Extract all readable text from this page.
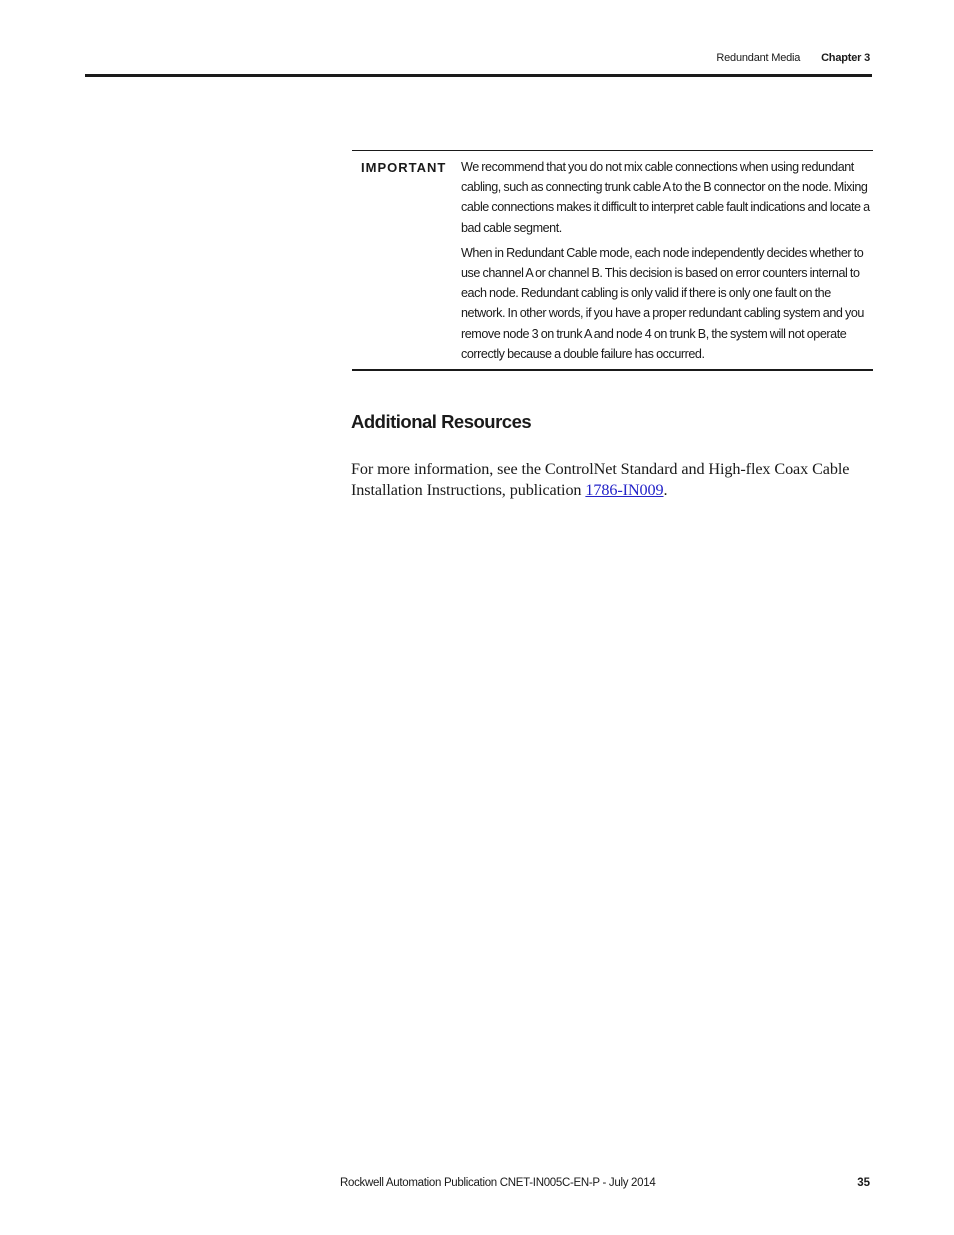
Redundant Media Chapter 3
IMPORTANT We recommend that you do not mix cable connections when using redundant cabling, such as connecting trunk cable A to the B connector on the node. Mixing cable connections makes it difficult to interpret cable fault indications and locate a bad cable segment.

When in Redundant Cable mode, each node independently decides whether to use channel A or channel B. This decision is based on error counters internal to each node. Redundant cabling is only valid if there is only one fault on the network. In other words, if you have a proper redundant cabling system and you remove node 3 on trunk A and node 4 on trunk B, the system will not operate correctly because a double failure has occurred.

Additional Resources

For more information, see the ControlNet Standard and High-flex Coax Cable Installation Instructions, publication 1786-IN009.

Rockwell Automation Publication CNET-IN005C-EN-P - July 2014	35
